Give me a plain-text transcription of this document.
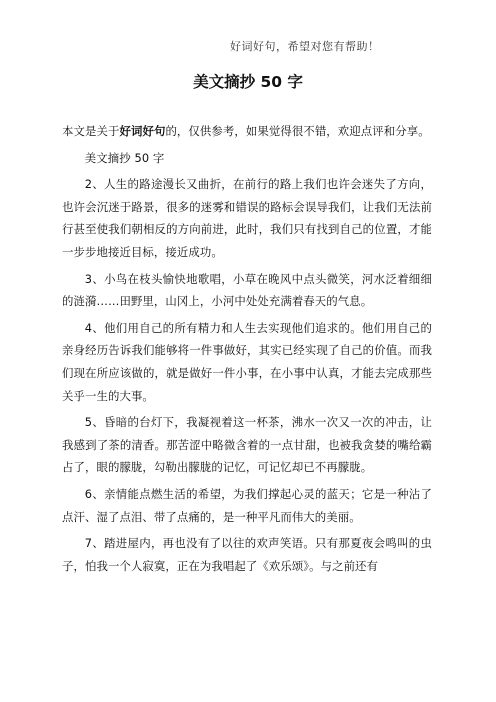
好词好句，希望对您有帮助！
美文摘抄 50 字

本文是关于好词好句的，仅供参考，如果觉得很不错，欢迎点评和分享。

美文摘抄 50 字

2、人生的路途漫长又曲折，在前行的路上我们也许会迷失了方向，也许会沉迷于路景，很多的迷雾和错误的路标会误导我们，让我们无法前行甚至使我们朝相反的方向前进，此时，我们只有找到自己的位置，才能一步步地接近目标，接近成功。

3、小鸟在枝头愉快地歌唱，小草在晚风中点头微笑，河水泛着细细的涟漪……田野里，山冈上，小河中处处充满着春天的气息。

4、他们用自己的所有精力和人生去实现他们追求的。他们用自己的亲身经历告诉我们能够将一件事做好，其实已经实现了自己的价值。而我们现在所应该做的，就是做好一件小事，在小事中认真，才能去完成那些关乎一生的大事。

5、昏暗的台灯下，我凝视着这一杯茶，沸水一次又一次的冲击，让我感到了茶的清香。那苦涩中略微含着的一点甘甜，也被我贪婪的嘴给霸占了，眼的朦胧，勾勒出朦胧的记忆，可记忆却已不再朦胧。

6、亲情能点燃生活的希望，为我们撑起心灵的蓝天；它是一种沾了点汗、湿了点泪、带了点痛的，是一种平凡而伟大的美丽。

7、踏进屋内，再也没有了以往的欢声笑语。只有那夏夜会鸣叫的虫子，怕我一个人寂寞，正在为我唱起了《欢乐颂》。与之前还有
